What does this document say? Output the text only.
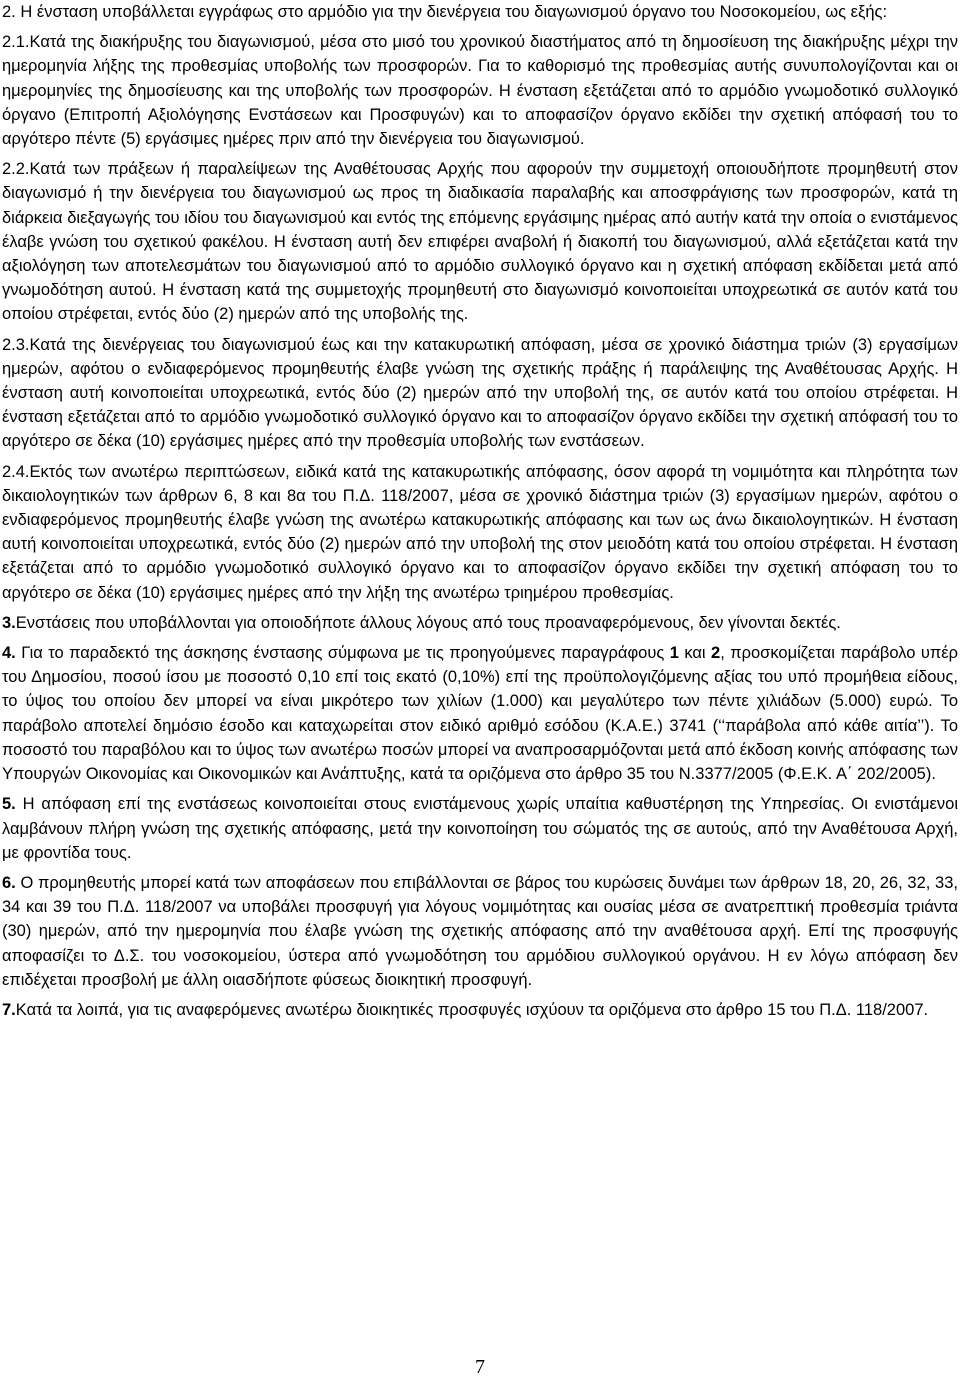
2. Η ένσταση υποβάλλεται εγγράφως στο αρμόδιο για την διενέργεια του διαγωνισμού όργανο του Νοσοκομείου, ως εξής:

2.1.Κατά της διακήρυξης του διαγωνισμού, μέσα στο μισό του χρονικού διαστήματος από τη δημοσίευση της διακήρυξης μέχρι την ημερομηνία λήξης της προθεσμίας υποβολής των προσφορών. Για το καθορισμό της προθεσμίας αυτής συνυπολογίζονται και οι ημερομηνίες της δημοσίευσης και της υποβολής των προσφορών. Η ένσταση εξετάζεται από το αρμόδιο γνωμοδοτικό συλλογικό όργανο (Επιτροπή Αξιολόγησης Ενστάσεων και Προσφυγών) και το αποφασίζον όργανο εκδίδει την σχετική απόφασή του το αργότερο πέντε (5) εργάσιμες ημέρες πριν από την διενέργεια του διαγωνισμού.

2.2.Κατά των πράξεων ή παραλείψεων της Αναθέτουσας Αρχής που αφορούν την συμμετοχή οποιουδήποτε προμηθευτή στον διαγωνισμό ή την διενέργεια του διαγωνισμού ως προς τη διαδικασία παραλαβής και αποσφράγισης των προσφορών, κατά τη διάρκεια διεξαγωγής του ιδίου του διαγωνισμού και εντός της επόμενης εργάσιμης ημέρας από αυτήν κατά την οποία ο ενιστάμενος έλαβε γνώση του σχετικού φακέλου. Η ένσταση αυτή δεν επιφέρει αναβολή ή διακοπή του διαγωνισμού, αλλά εξετάζεται κατά την αξιολόγηση των αποτελεσμάτων του διαγωνισμού από το αρμόδιο συλλογικό όργανο και η σχετική απόφαση εκδίδεται μετά από γνωμοδότηση αυτού. Η ένσταση κατά της συμμετοχής προμηθευτή στο διαγωνισμό κοινοποιείται υποχρεωτικά σε αυτόν κατά του οποίου στρέφεται, εντός δύο (2) ημερών από της υποβολής της.

2.3.Κατά της διενέργειας του διαγωνισμού έως και την κατακυρωτική απόφαση, μέσα σε χρονικό διάστημα τριών (3) εργασίμων ημερών, αφότου ο ενδιαφερόμενος προμηθευτής έλαβε γνώση της σχετικής πράξης ή παράλειψης της Αναθέτουσας Αρχής. Η ένσταση αυτή κοινοποιείται υποχρεωτικά, εντός δύο (2) ημερών από την υποβολή της, σε αυτόν κατά του οποίου στρέφεται. Η ένσταση εξετάζεται από το αρμόδιο γνωμοδοτικό συλλογικό όργανο και το αποφασίζον όργανο εκδίδει την σχετική απόφασή του το αργότερο σε δέκα (10) εργάσιμες ημέρες από την προθεσμία υποβολής των ενστάσεων.

2.4.Εκτός των ανωτέρω περιπτώσεων, ειδικά κατά της κατακυρωτικής απόφασης, όσον αφορά τη νομιμότητα και πληρότητα των δικαιολογητικών των άρθρων 6, 8 και 8α του Π.Δ. 118/2007, μέσα σε χρονικό διάστημα τριών (3) εργασίμων ημερών, αφότου ο ενδιαφερόμενος προμηθευτής έλαβε γνώση της ανωτέρω κατακυρωτικής απόφασης και των ως άνω δικαιολογητικών. Η ένσταση αυτή κοινοποιείται υποχρεωτικά, εντός δύο (2) ημερών από την υποβολή της στον μειοδότη κατά του οποίου στρέφεται. Η ένσταση εξετάζεται από το αρμόδιο γνωμοδοτικό συλλογικό όργανο και το αποφασίζον όργανο εκδίδει την σχετική απόφαση του το αργότερο σε δέκα (10) εργάσιμες ημέρες από την λήξη της ανωτέρω τριημέρου προθεσμίας.

3.Ενστάσεις που υποβάλλονται για οποιοδήποτε άλλους λόγους από τους προαναφερόμενους, δεν γίνονται δεκτές.

4. Για το παραδεκτό της άσκησης ένστασης σύμφωνα με τις προηγούμενες παραγράφους 1 και 2, προσκομίζεται παράβολο υπέρ του Δημοσίου, ποσού ίσου με ποσοστό 0,10 επί τοις εκατό (0,10%) επί της προϋπολογιζόμενης αξίας του υπό προμήθεια είδους, το ύψος του οποίου δεν μπορεί να είναι μικρότερο των χιλίων (1.000) και μεγαλύτερο των πέντε χιλιάδων (5.000) ευρώ. Το παράβολο αποτελεί δημόσιο έσοδο και καταχωρείται στον ειδικό αριθμό εσόδου (Κ.Α.Ε.) 3741 (‘‘παράβολα από κάθε αιτία’’). Το ποσοστό του παραβόλου και το ύψος των ανωτέρω ποσών μπορεί να αναπροσαρμόζονται μετά από έκδοση κοινής απόφασης των Υπουργών Οικονομίας και Οικονομικών και Ανάπτυξης, κατά τα οριζόμενα στο άρθρο 35 του Ν.3377/2005 (Φ.Ε.Κ. Α΄ 202/2005).

5. Η απόφαση επί της ενστάσεως κοινοποιείται στους ενιστάμενους χωρίς υπαίτια καθυστέρηση της Υπηρεσίας. Οι ενιστάμενοι λαμβάνουν πλήρη γνώση της σχετικής απόφασης, μετά την κοινοποίηση του σώματός της σε αυτούς, από την Αναθέτουσα Αρχή, με φροντίδα τους.

6. Ο προμηθευτής μπορεί κατά των αποφάσεων που επιβάλλονται σε βάρος του κυρώσεις δυνάμει των άρθρων 18, 20, 26, 32, 33, 34 και 39 του Π.Δ. 118/2007 να υποβάλει προσφυγή για λόγους νομιμότητας και ουσίας μέσα σε ανατρεπτική προθεσμία τριάντα (30) ημερών, από την ημερομηνία που έλαβε γνώση της σχετικής απόφασης από την αναθέτουσα αρχή. Επί της προσφυγής αποφασίζει το Δ.Σ. του νοσοκομείου, ύστερα από γνωμοδότηση του αρμόδιου συλλογικού οργάνου. Η εν λόγω απόφαση δεν επιδέχεται προσβολή με άλλη οιασδήποτε φύσεως διοικητική προσφυγή.

7.Κατά τα λοιπά, για τις αναφερόμενες ανωτέρω διοικητικές προσφυγές ισχύουν τα οριζόμενα στο άρθρο 15 του Π.Δ. 118/2007.

7
